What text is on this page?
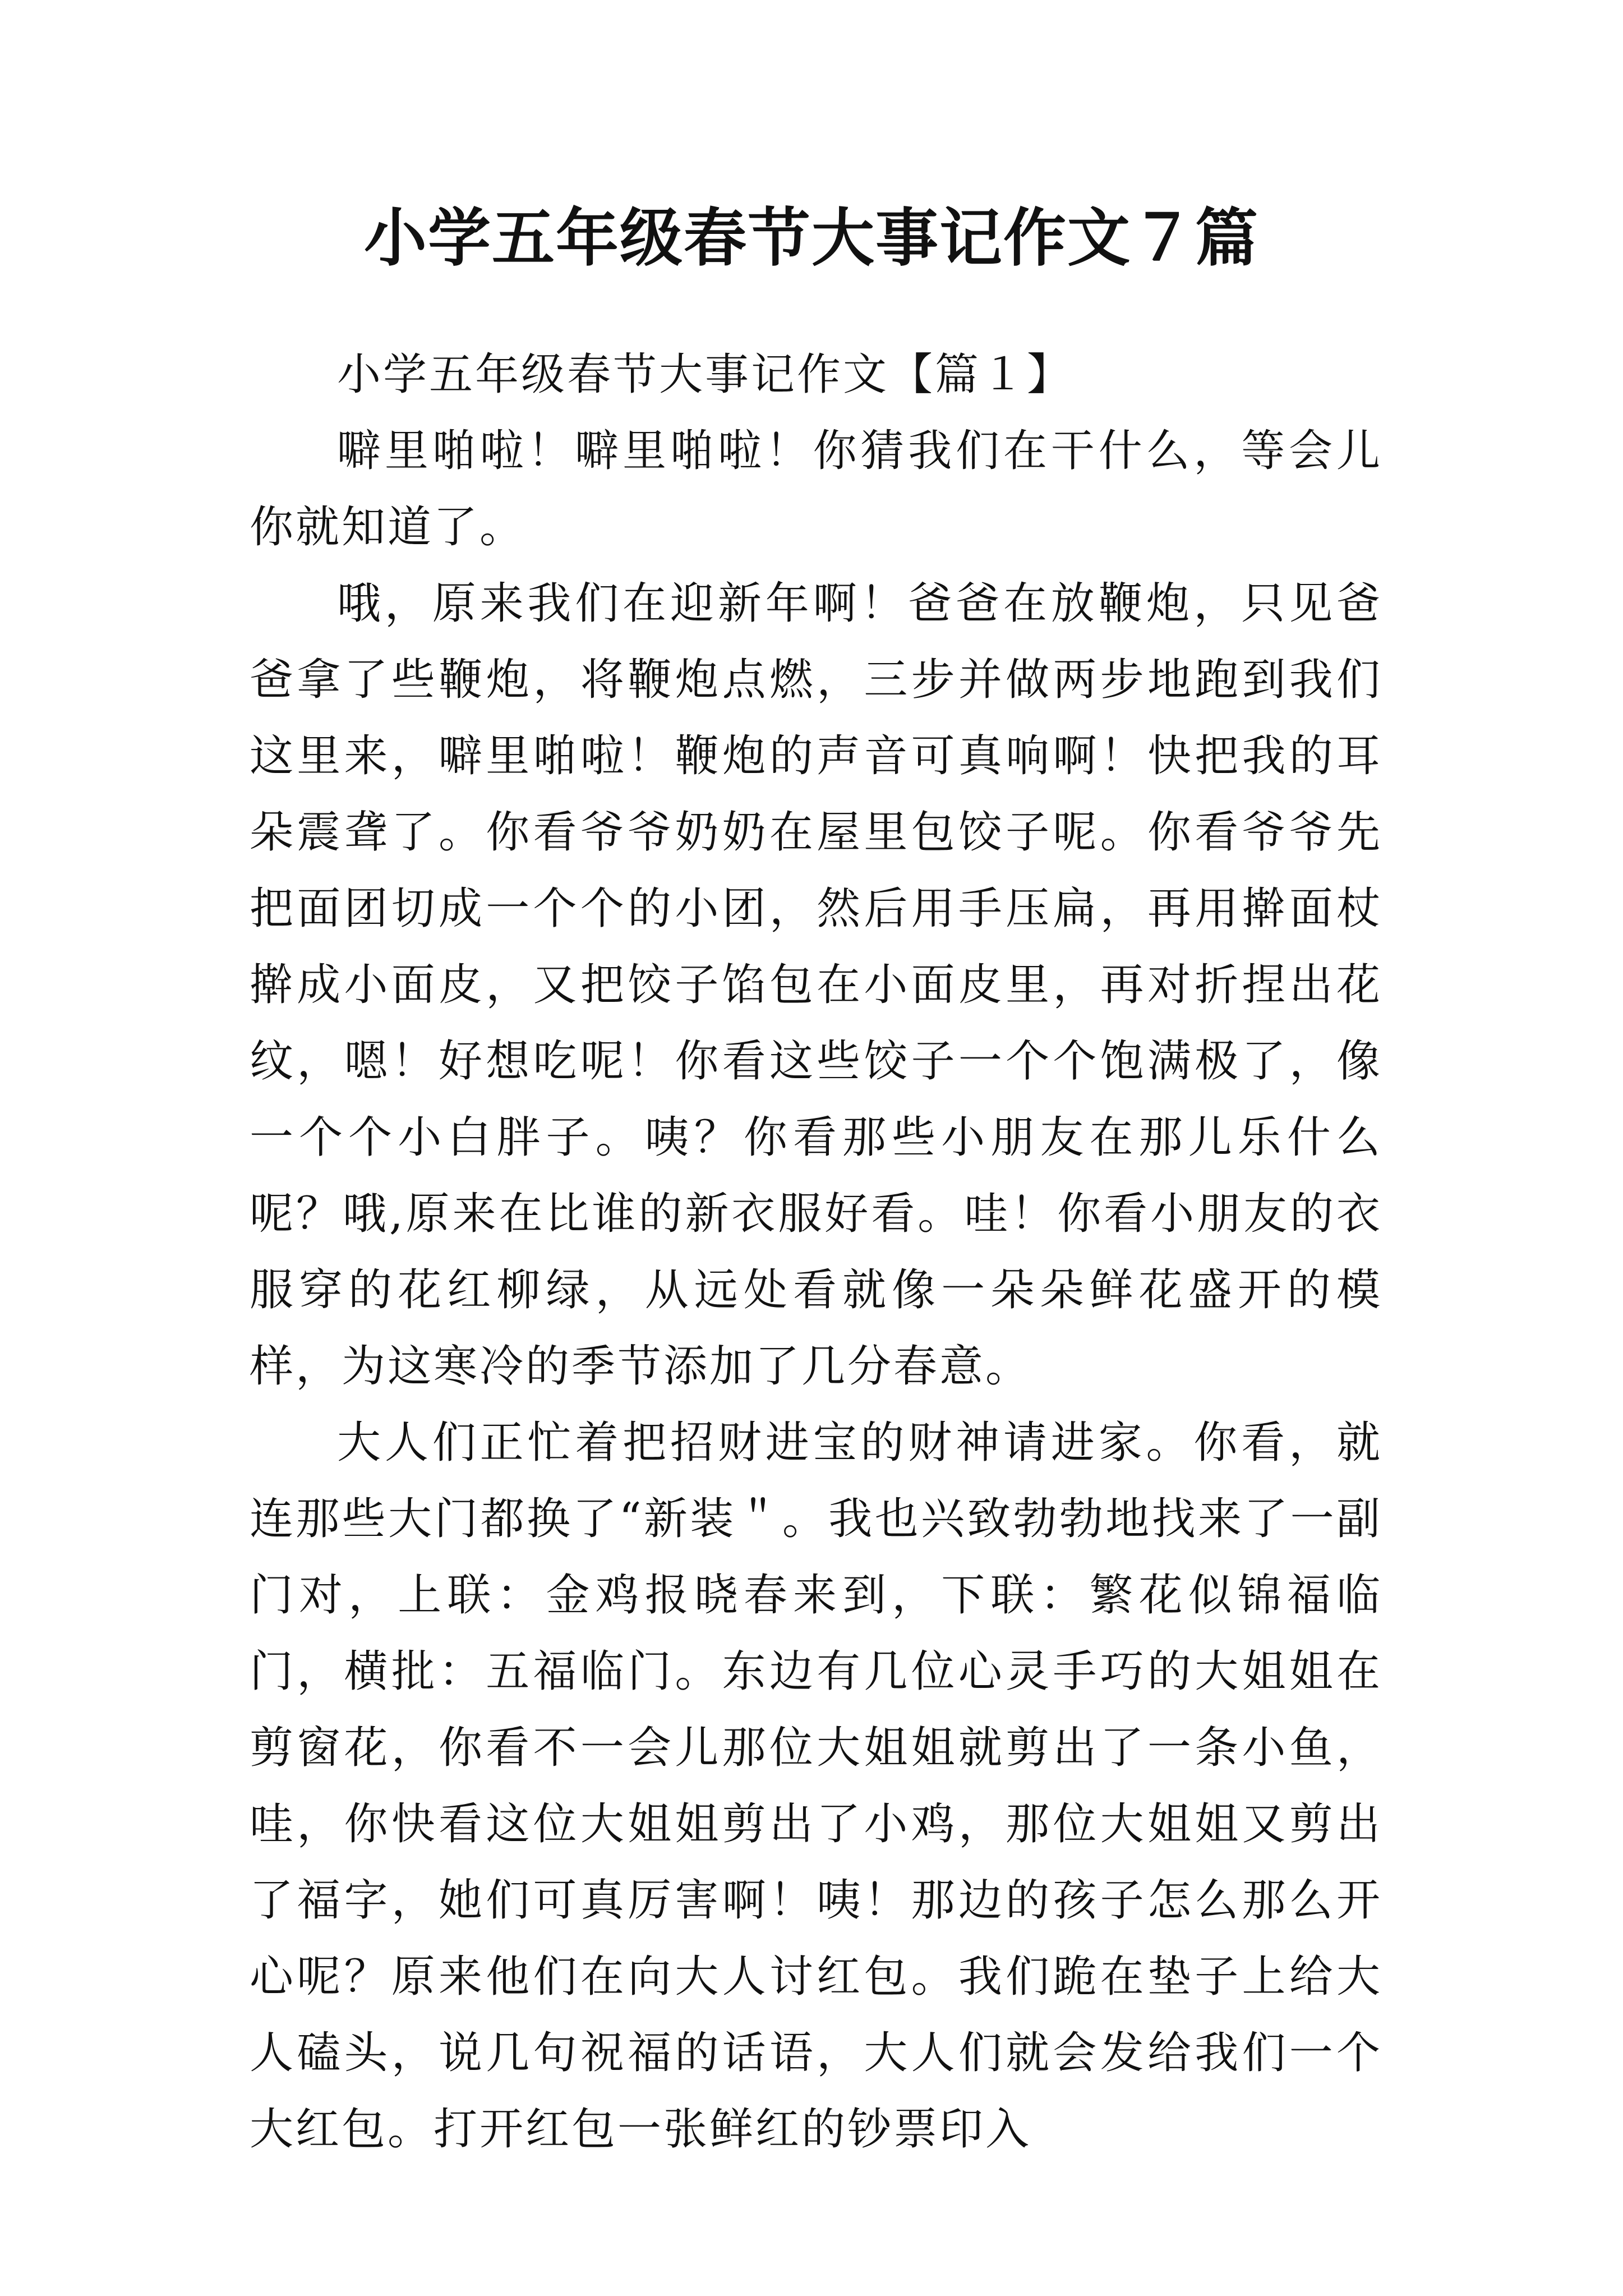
小学五年级春节大事记作文７篇

小学五年级春节大事记作文【篇１】

噼里啪啦！噼里啪啦！你猜我们在干什么，等会儿你就知道了。

哦，原来我们在迎新年啊！爸爸在放鞭炮，只见爸爸拿了些鞭炮，将鞭炮点燃，三步并做两步地跑到我们这里来，噼里啪啦！鞭炮的声音可真响啊！快把我的耳朵震聋了。你看爷爷奶奶在屋里包饺子呢。你看爷爷先把面团切成一个个的小团，然后用手压扁，再用擀面杖擀成小面皮，又把饺子馅包在小面皮里，再对折捏出花纹，嗯！好想吃呢！你看这些饺子一个个饱满极了，像一个个小白胖子。咦？你看那些小朋友在那儿乐什么呢？哦,原来在比谁的新衣服好看。哇！你看小朋友的衣服穿的花红柳绿，从远处看就像一朵朵鲜花盛开的模样，为这寒冷的季节添加了几分春意。

大人们正忙着把招财进宝的财神请进家。你看，就连那些大门都换了“新装＂。我也兴致勃勃地找来了一副门对，上联：金鸡报晓春来到，下联：繁花似锦福临门，横批：五福临门。东边有几位心灵手巧的大姐姐在剪窗花，你看不一会儿那位大姐姐就剪出了一条小鱼，哇，你快看这位大姐姐剪出了小鸡，那位大姐姐又剪出了福字，她们可真厉害啊！咦！那边的孩子怎么那么开心呢？原来他们在向大人讨红包。我们跪在垫子上给大人磕头，说几句祝福的话语，大人们就会发给我们一个大红包。打开红包一张鲜红的钞票印入
